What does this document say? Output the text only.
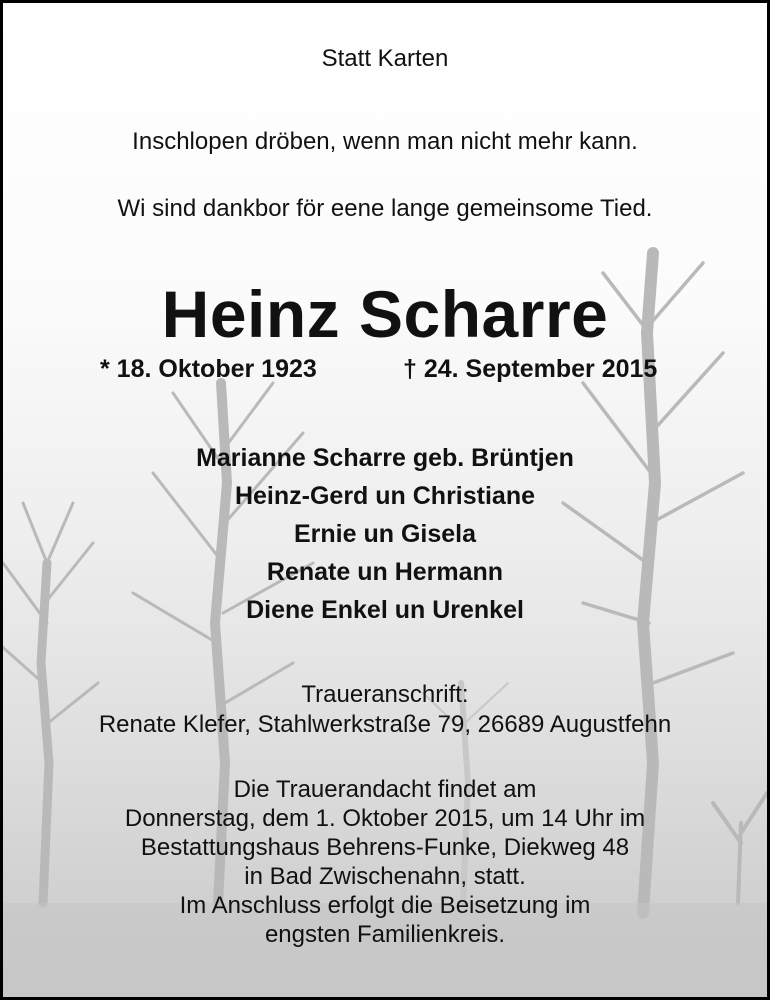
Statt Karten
Inschlopen dröben, wenn man nicht mehr kann.
Wi sind dankbor för eene lange gemeinsome Tied.
Heinz Scharre
* 18. Oktober 1923	† 24. September 2015
Marianne Scharre geb. Brüntjen
Heinz-Gerd un Christiane
Ernie un Gisela
Renate un Hermann
Diene Enkel un Urenkel
Traueranschrift:
Renate Klefer, Stahlwerkstraße 79, 26689 Augustfehn
Die Trauerandacht findet am
Donnerstag, dem 1. Oktober 2015, um 14 Uhr im
Bestattungshaus Behrens-Funke, Diekweg 48
in Bad Zwischenahn, statt.
Im Anschluss erfolgt die Beisetzung im
engsten Familienkreis.
